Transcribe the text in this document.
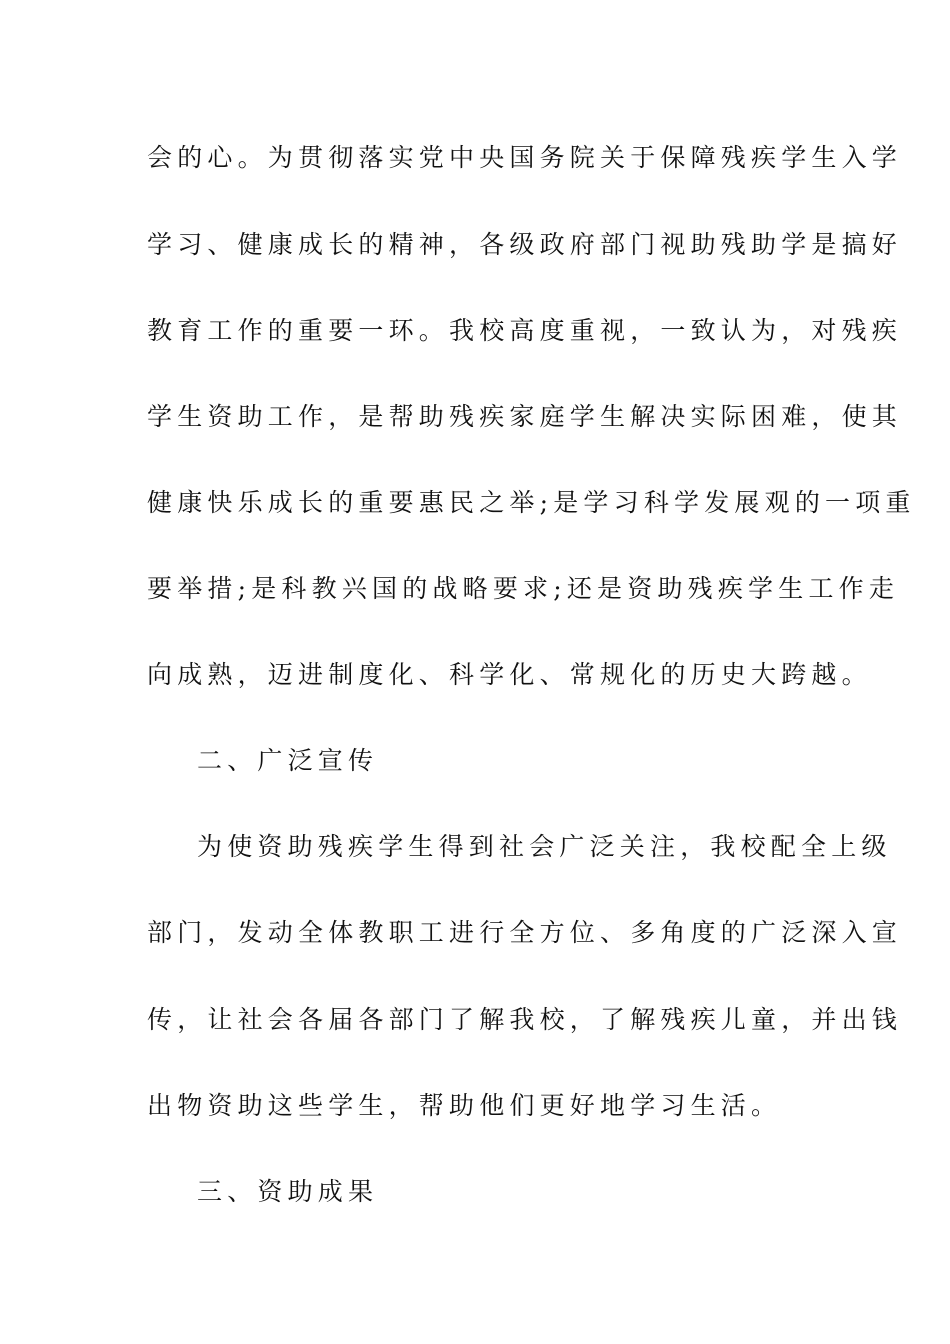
会的心。为贯彻落实党中央国务院关于保障残疾学生入学
学习、健康成长的精神，各级政府部门视助残助学是搞好
教育工作的重要一环。我校高度重视，一致认为，对残疾
学生资助工作，是帮助残疾家庭学生解决实际困难，使其
健康快乐成长的重要惠民之举;是学习科学发展观的一项重
要举措;是科教兴国的战略要求;还是资助残疾学生工作走
向成熟，迈进制度化、科学化、常规化的历史大跨越。
二、广泛宣传
为使资助残疾学生得到社会广泛关注，我校配全上级
部门，发动全体教职工进行全方位、多角度的广泛深入宣
传，让社会各届各部门了解我校，了解残疾儿童，并出钱
出物资助这些学生，帮助他们更好地学习生活。
三、资助成果
